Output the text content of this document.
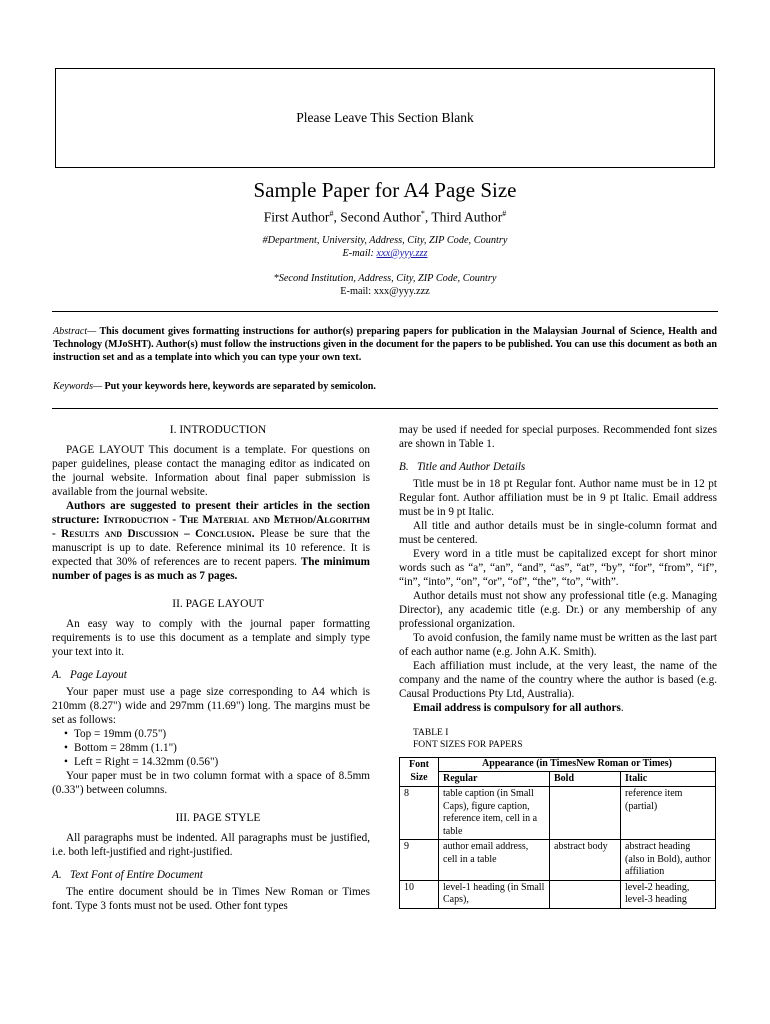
Please Leave This Section Blank
Sample Paper for A4 Page Size
First Author#, Second Author*, Third Author#
#Department, University, Address, City, ZIP Code, Country
E-mail: xxx@yyy.zzz
*Second Institution, Address, City, ZIP Code, Country
E-mail: xxx@yyy.zzz
Abstract— This document gives formatting instructions for author(s) preparing papers for publication in the Malaysian Journal of Science, Health and Technology (MJoSHT). Author(s) must follow the instructions given in the document for the papers to be published. You can use this document as both an instruction set and as a template into which you can type your own text.
Keywords— Put your keywords here, keywords are separated by semicolon.

I. INTRODUCTION

PAGE LAYOUT This document is a template. For questions on paper guidelines, please contact the managing editor as indicated on the journal website. Information about final paper submission is available from the journal website.

Authors are suggested to present their articles in the section structure: Introduction - The Material and Method/Algorithm - Results and Discussion – Conclusion. Please be sure that the manuscript is up to date. Reference minimal its 10 reference. It is expected that 30% of references are to recent papers. The minimum number of pages is as much as 7 pages.

II. PAGE LAYOUT

An easy way to comply with the journal paper formatting requirements is to use this document as a template and simply type your text into it.

A.   Page Layout

Your paper must use a page size corresponding to A4 which is 210mm (8.27") wide and 297mm (11.69") long. The margins must be set as follows:

• Top = 19mm (0.75")
• Bottom = 28mm (1.1")
• Left = Right = 14.32mm (0.56")

Your paper must be in two column format with a space of 8.5mm (0.33") between columns.

III. PAGE STYLE

All paragraphs must be indented. All paragraphs must be justified, i.e. both left-justified and right-justified.

A.   Text Font of Entire Document

The entire document should be in Times New Roman or Times font. Type 3 fonts must not be used. Other font types

may be used if needed for special purposes. Recommended font sizes are shown in Table 1.

B.   Title and Author Details

Title must be in 18 pt Regular font. Author name must be in 12 pt Regular font. Author affiliation must be in 9 pt Italic. Email address must be in 9 pt Italic.

All title and author details must be in single-column format and must be centered.

Every word in a title must be capitalized except for short minor words such as “a”, “an”, “and”, “as”, “at”, “by”, “for”, “from”, “if”, “in”, “into”, “on”, “or”, “of”, “the”, “to”, “with”.

Author details must not show any professional title (e.g. Managing Director), any academic title (e.g. Dr.) or any membership of any professional organization.

To avoid confusion, the family name must be written as the last part of each author name (e.g. John A.K. Smith).

Each affiliation must include, at the very least, the name of the company and the name of the country where the author is based (e.g. Causal Productions Pty Ltd, Australia).

Email address is compulsory for all authors.

TABLE I

FONT SIZES FOR PAPERS

Font
Size	Appearance (in TimesNew Roman or Times)		
	Regular	Bold	Italic
8	table caption (in Small Caps), figure caption, reference item, cell in a table		reference item (partial)
9	author email address, cell in a table	abstract body	abstract heading (also in Bold), author affiliation
10	level-1 heading (in Small Caps),		level-2 heading, level-3 heading
